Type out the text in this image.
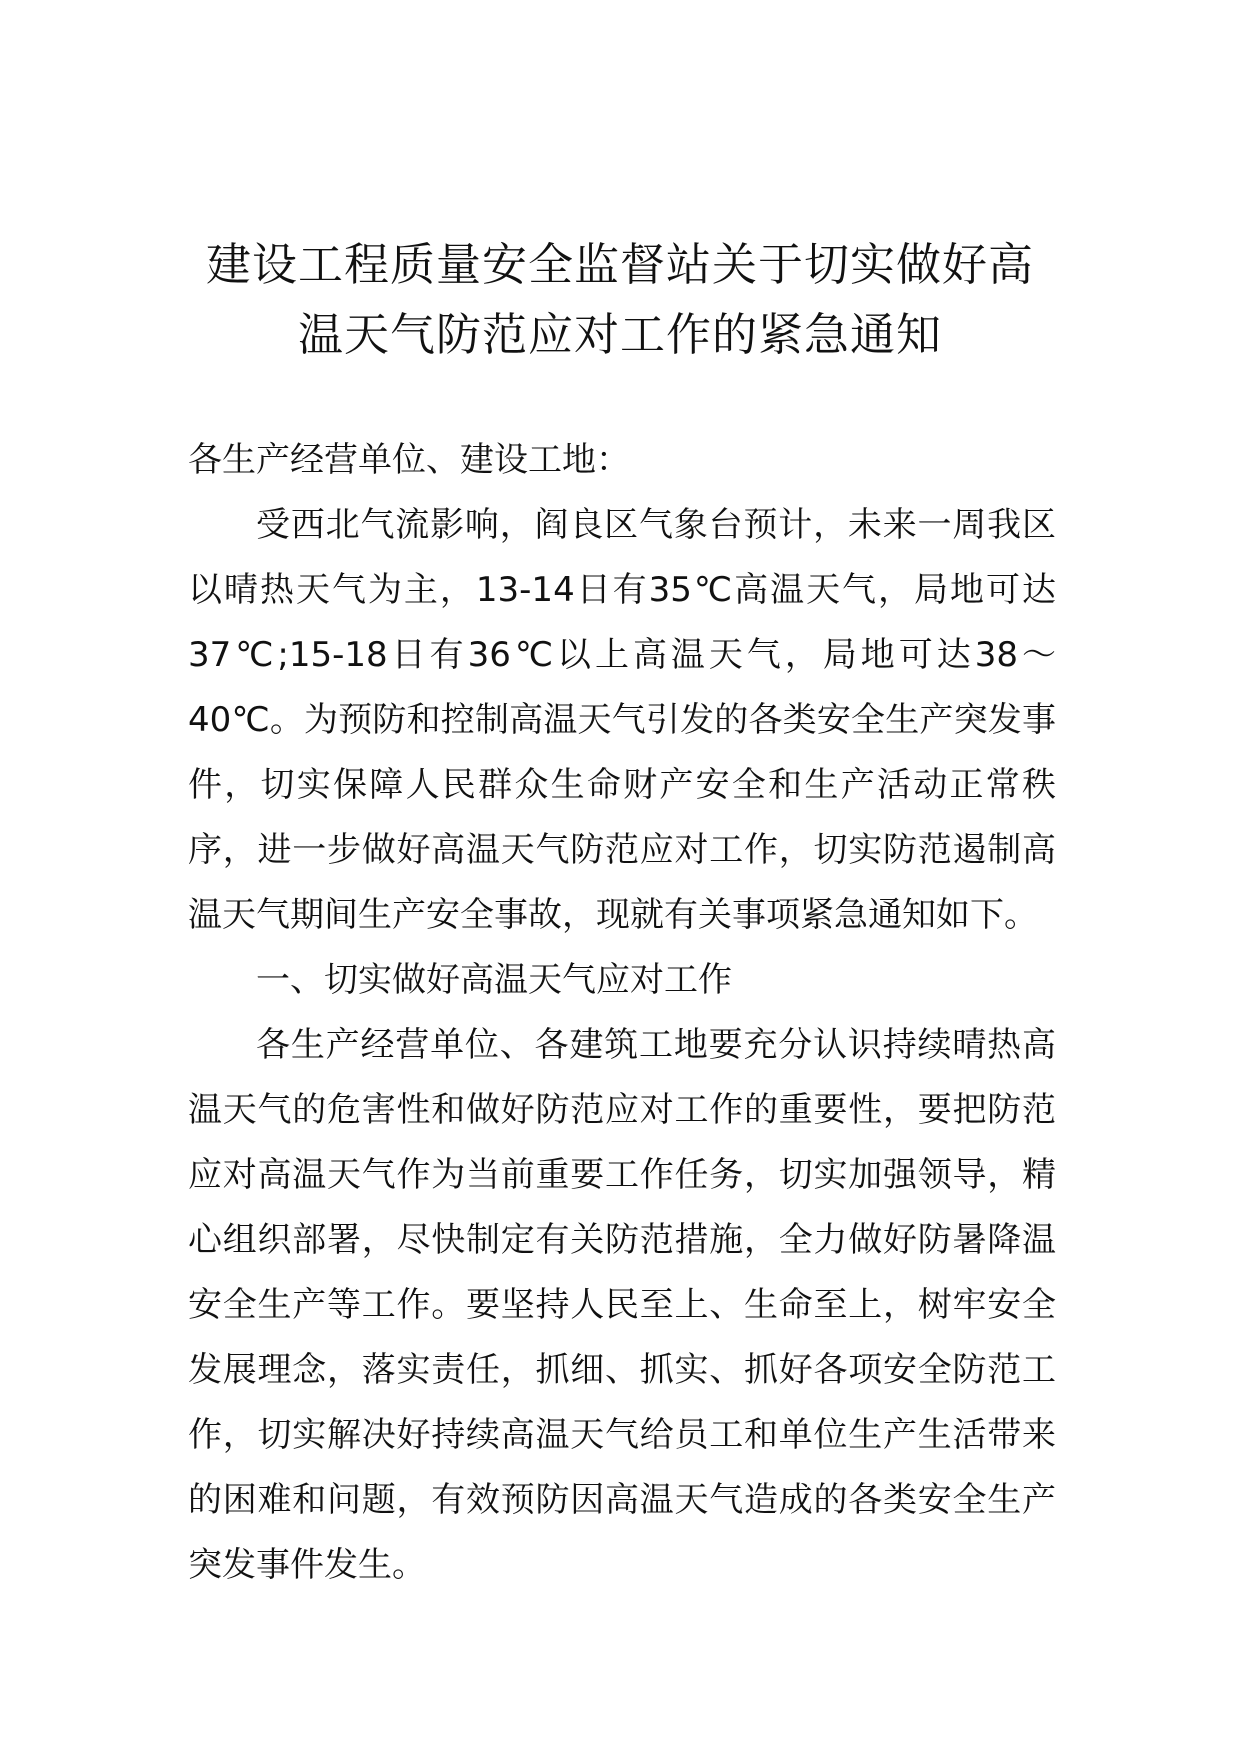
建设工程质量安全监督站关于切实做好高
温天气防范应对工作的紧急通知

各生产经营单位、建设工地：

受西北气流影响，阎良区气象台预计，未来一周我区以晴热天气为主，13-14日有35℃高温天气，局地可达37℃;15-18日有36℃以上高温天气，局地可达38～40℃。为预防和控制高温天气引发的各类安全生产突发事件，切实保障人民群众生命财产安全和生产活动正常秩序，进一步做好高温天气防范应对工作，切实防范遏制高温天气期间生产安全事故，现就有关事项紧急通知如下。

一、切实做好高温天气应对工作

各生产经营单位、各建筑工地要充分认识持续晴热高温天气的危害性和做好防范应对工作的重要性，要把防范应对高温天气作为当前重要工作任务，切实加强领导，精心组织部署，尽快制定有关防范措施，全力做好防暑降温安全生产等工作。要坚持人民至上、生命至上，树牢安全发展理念，落实责任，抓细、抓实、抓好各项安全防范工作，切实解决好持续高温天气给员工和单位生产生活带来的困难和问题，有效预防因高温天气造成的各类安全生产突发事件发生。
